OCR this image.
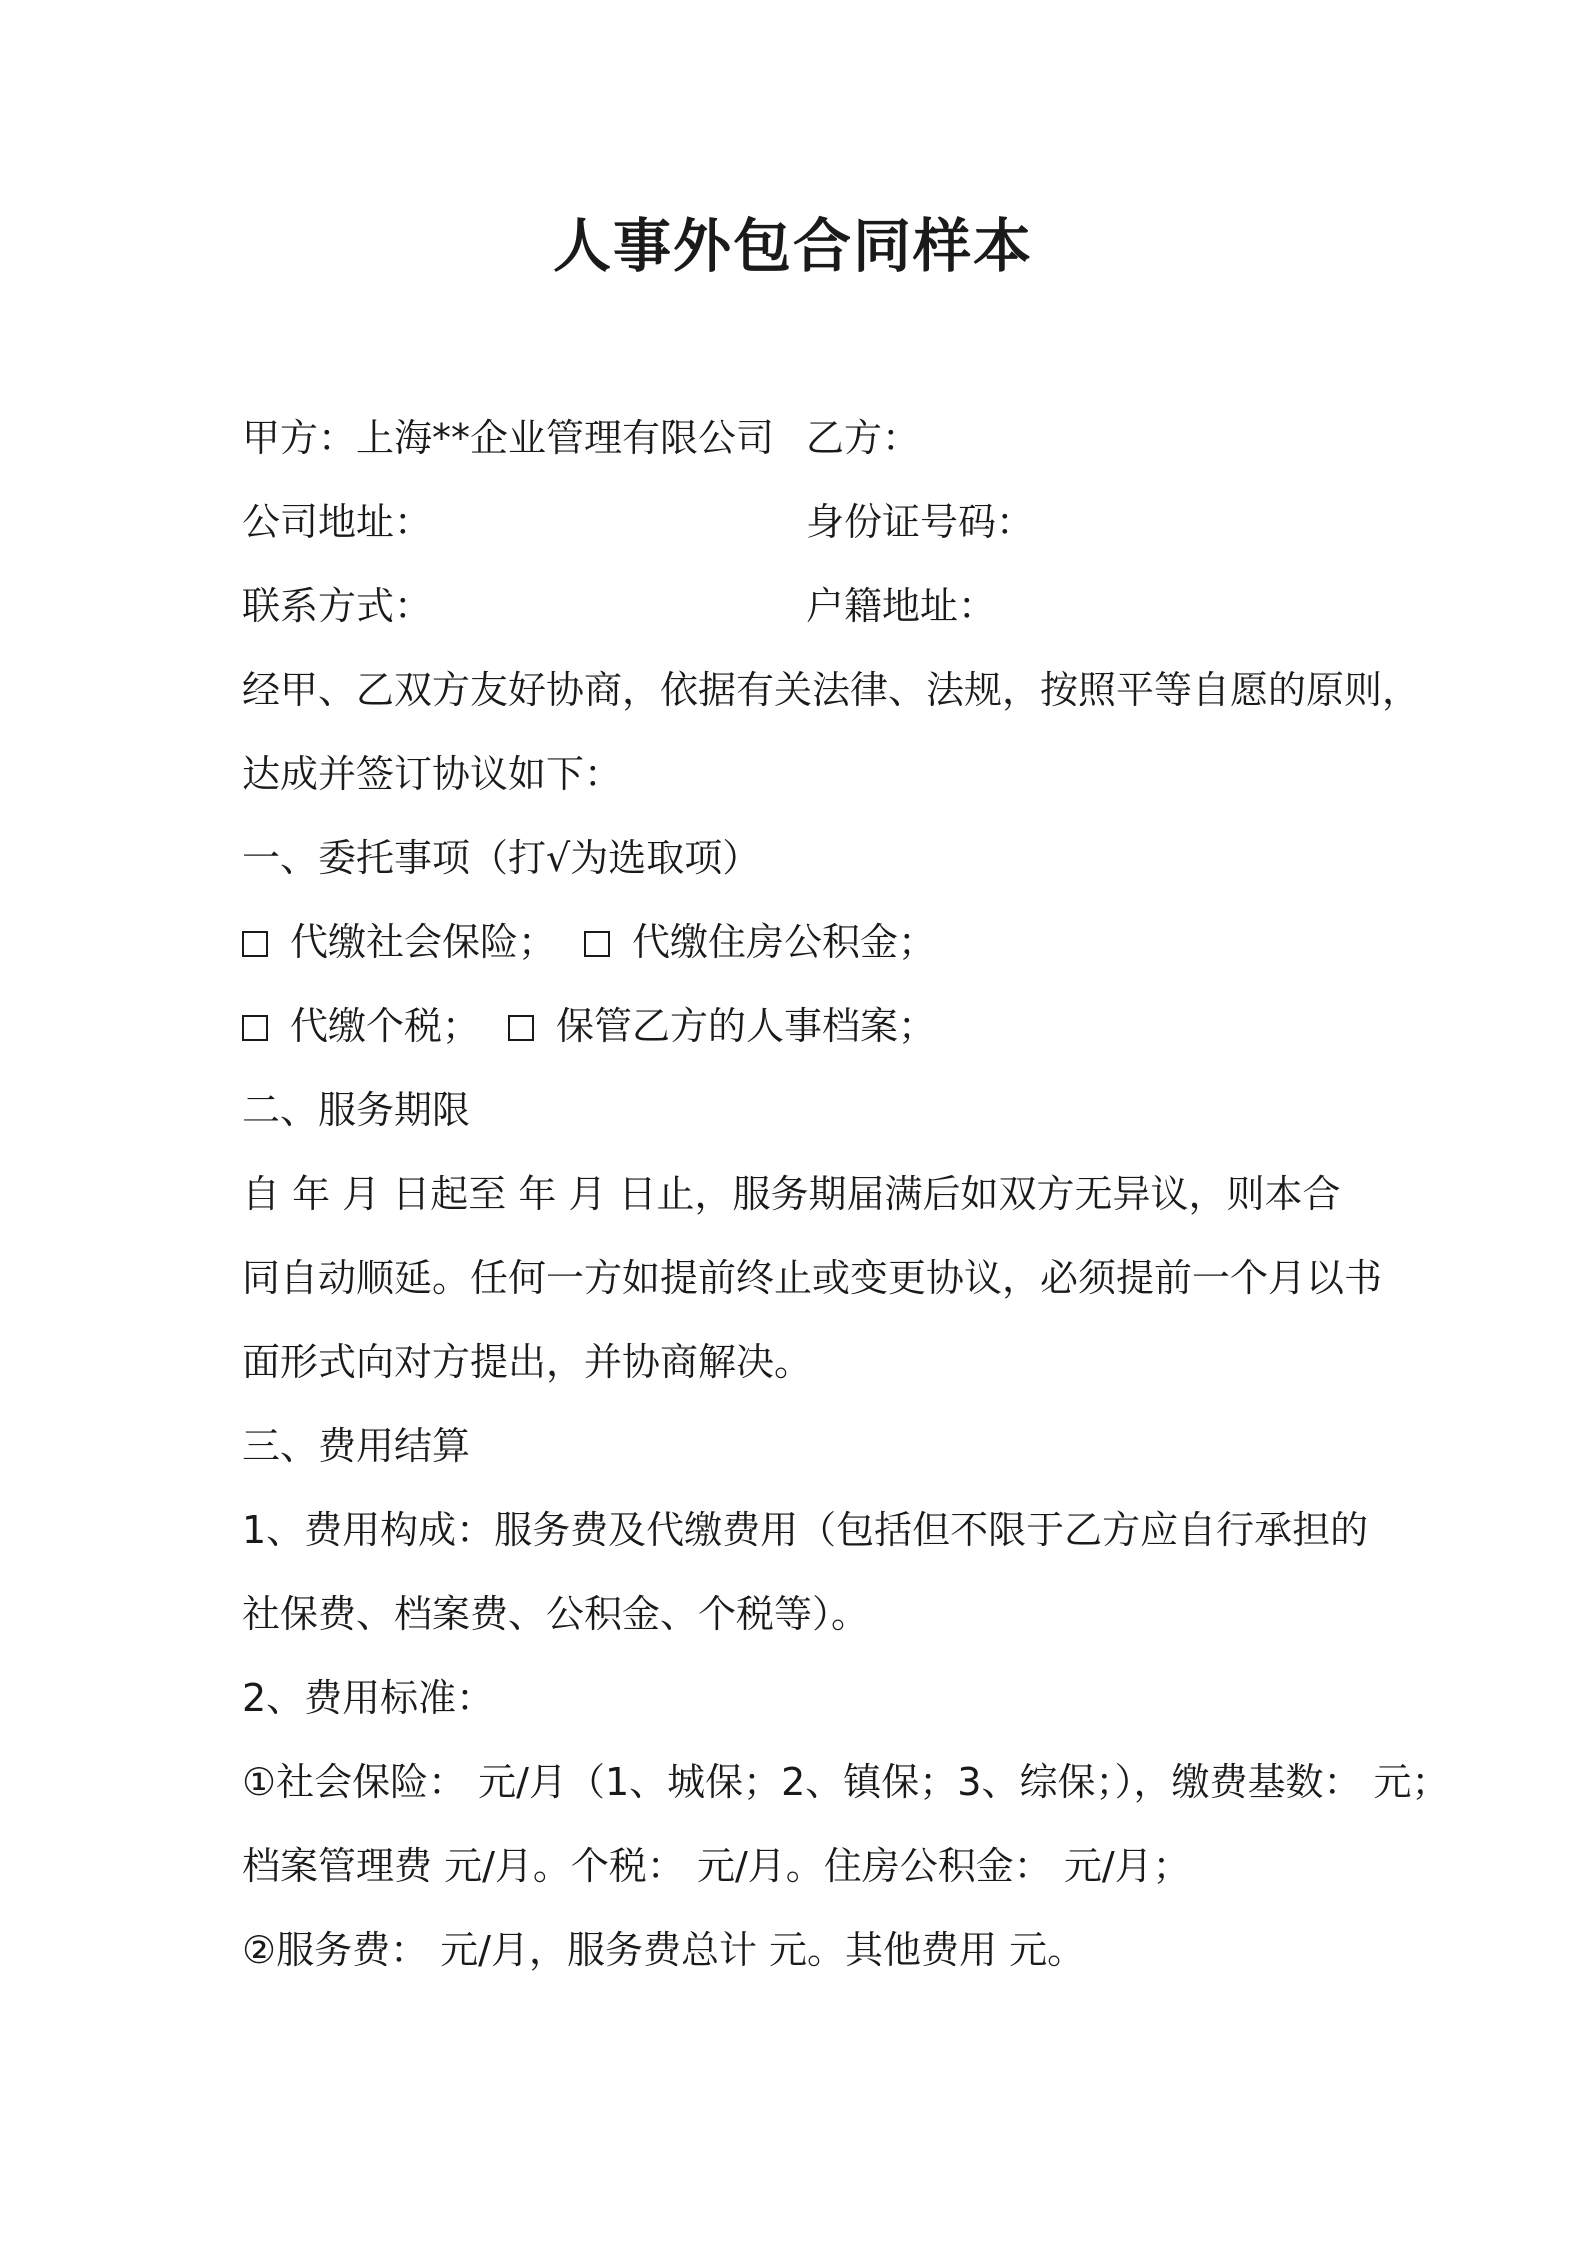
人事外包合同样本

甲方：上海**企业管理有限公司 乙方：

公司地址：	身份证号码：

联系方式：	户籍地址：

经甲、乙双方友好协商，依据有关法律、法规，按照平等自愿的原则，

达成并签订协议如下：

一、委托事项（打√为选取项）

代缴社会保险； 代缴住房公积金；

代缴个税； 保管乙方的人事档案；

二、服务期限

自 年 月 日起至 年 月 日止，服务期届满后如双方无异议，则本合

同自动顺延。任何一方如提前终止或变更协议，必须提前一个月以书

面形式向对方提出，并协商解决。

三、费用结算

1、费用构成：服务费及代缴费用（包括但不限于乙方应自行承担的

社保费、档案费、公积金、个税等）。

2、费用标准：

①社会保险： 元/月（1、城保；2、镇保；3、综保；），缴费基数： 元；

档案管理费 元/月。个税： 元/月。住房公积金： 元/月；

②服务费： 元/月，服务费总计 元。其他费用 元。
